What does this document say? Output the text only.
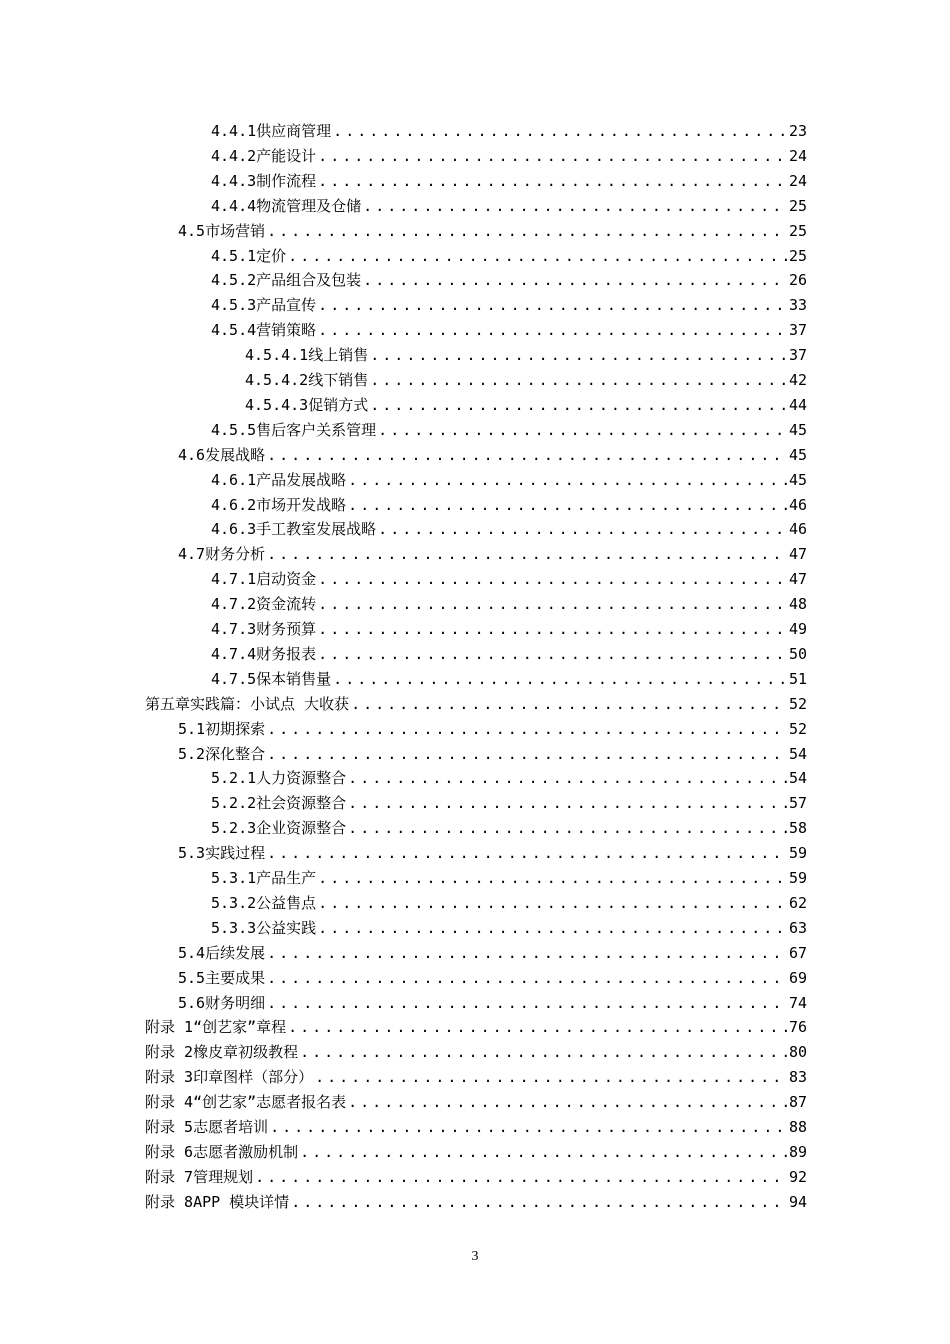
4.4.1 供应商管理 .....	23
4.4.2 产能设计 .....	24
4.4.3 制作流程 .....	24
4.4.4 物流管理及仓储 .....	25
4.5 市场营销 .....	25
4.5.1 定价 .....	25
4.5.2 产品组合及包装 .....	26
4.5.3 产品宣传 .....	33
4.5.4 营销策略 .....	37
4.5.4.1 线上销售 .....	37
4.5.4.2 线下销售 .....	42
4.5.4.3 促销方式 .....	44
4.5.5 售后客户关系管理 .....	45
4.6 发展战略 .....	45
4.6.1 产品发展战略 .....	45
4.6.2 市场开发战略 .....	46
4.6.3 手工教室发展战略 .....	46
4.7 财务分析 .....	47
4.7.1 启动资金 .....	47
4.7.2 资金流转 .....	48
4.7.3 财务预算 .....	49
4.7.4 财务报表 .....	50
4.7.5 保本销售量 .....	51
第五章 实践篇：小试点 大收获 .....	52
5.1 初期探索 .....	52
5.2 深化整合 .....	54
5.2.1 人力资源整合 .....	54
5.2.2 社会资源整合 .....	57
5.2.3 企业资源整合 .....	58
5.3 实践过程 .....	59
5.3.1 产品生产 .....	59
5.3.2 公益售点 .....	62
5.3.3 公益实践 .....	63
5.4 后续发展 .....	67
5.5 主要成果 .....	69
5.6 财务明细 .....	74
附录 1 “创艺家”章程 .....	76
附录 2 橡皮章初级教程 .....	80
附录 3 印章图样（部分） .....	83
附录 4 “创艺家”志愿者报名表 .....	87
附录 5 志愿者培训 .....	88
附录 6 志愿者激励机制 .....	89
附录 7 管理规划 .....	92
附录 8 APP 模块详情 .....	94
3
